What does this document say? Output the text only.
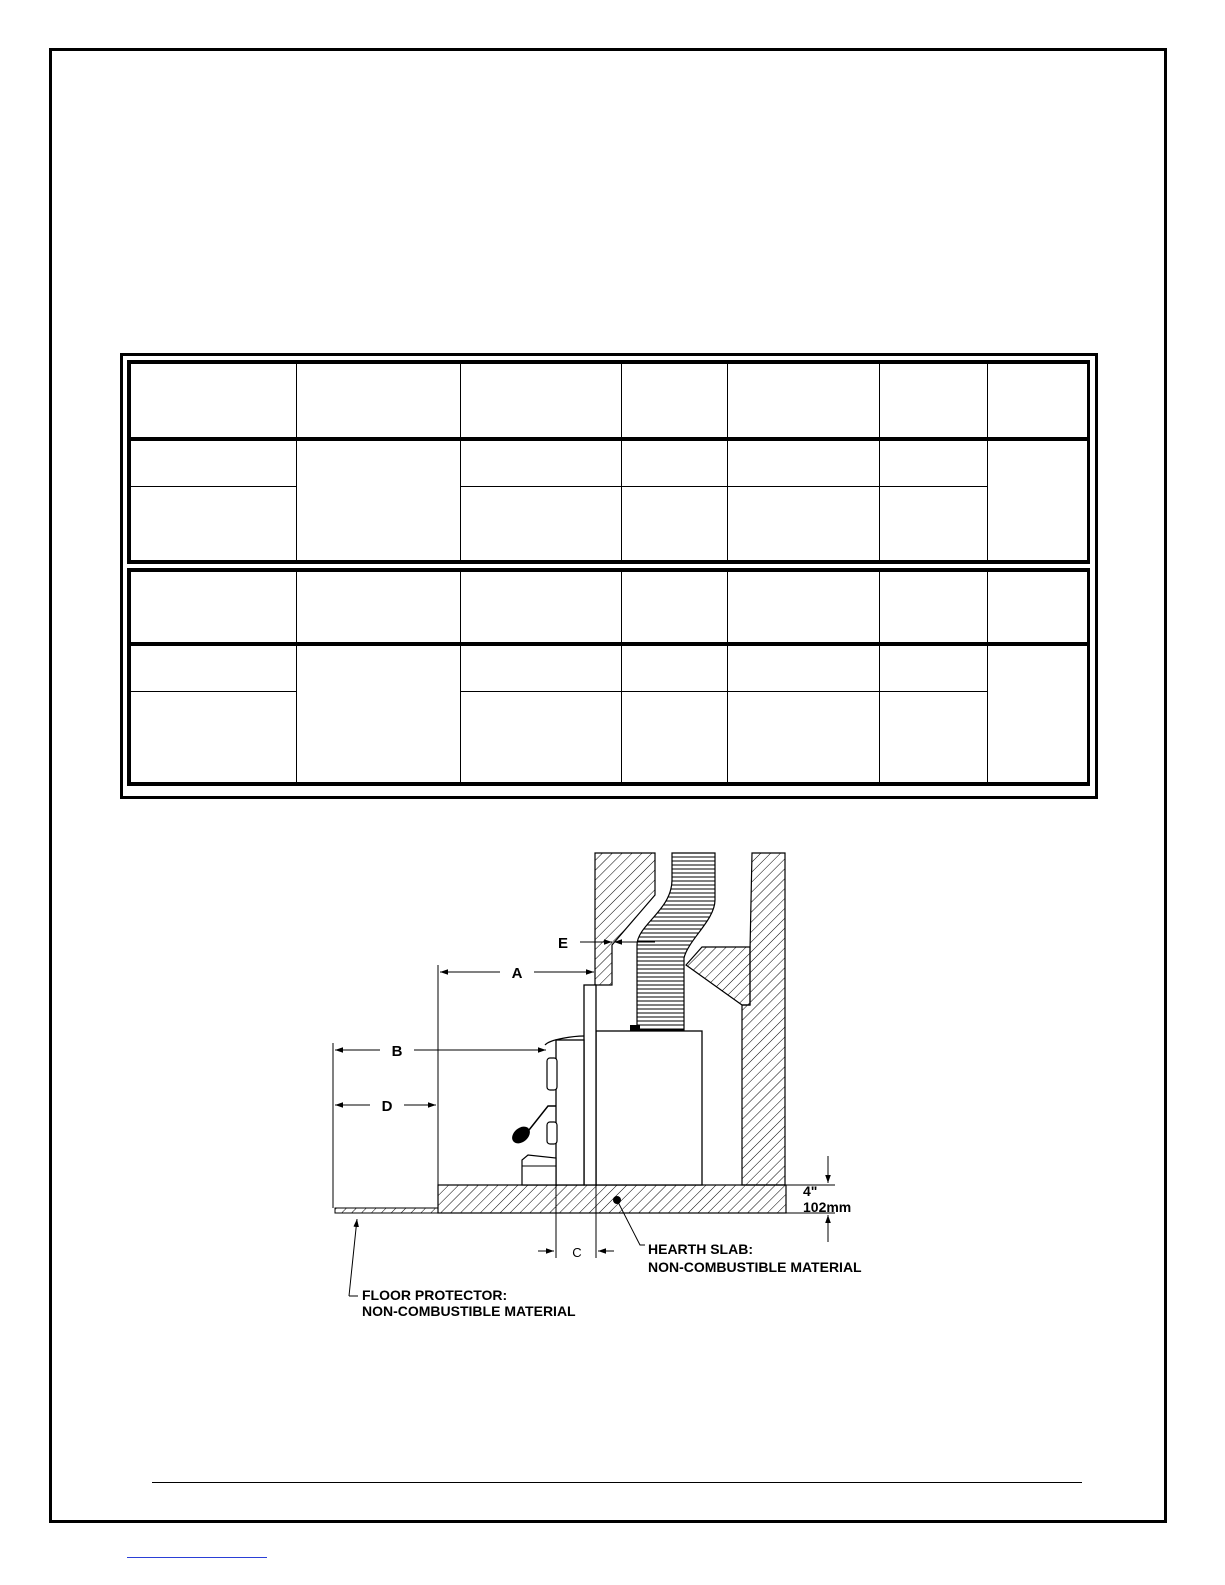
A
E
B
D
C
4"
102mm
HEARTH SLAB:
NON-COMBUSTIBLE MATERIAL
FLOOR PROTECTOR:
NON-COMBUSTIBLE MATERIAL
